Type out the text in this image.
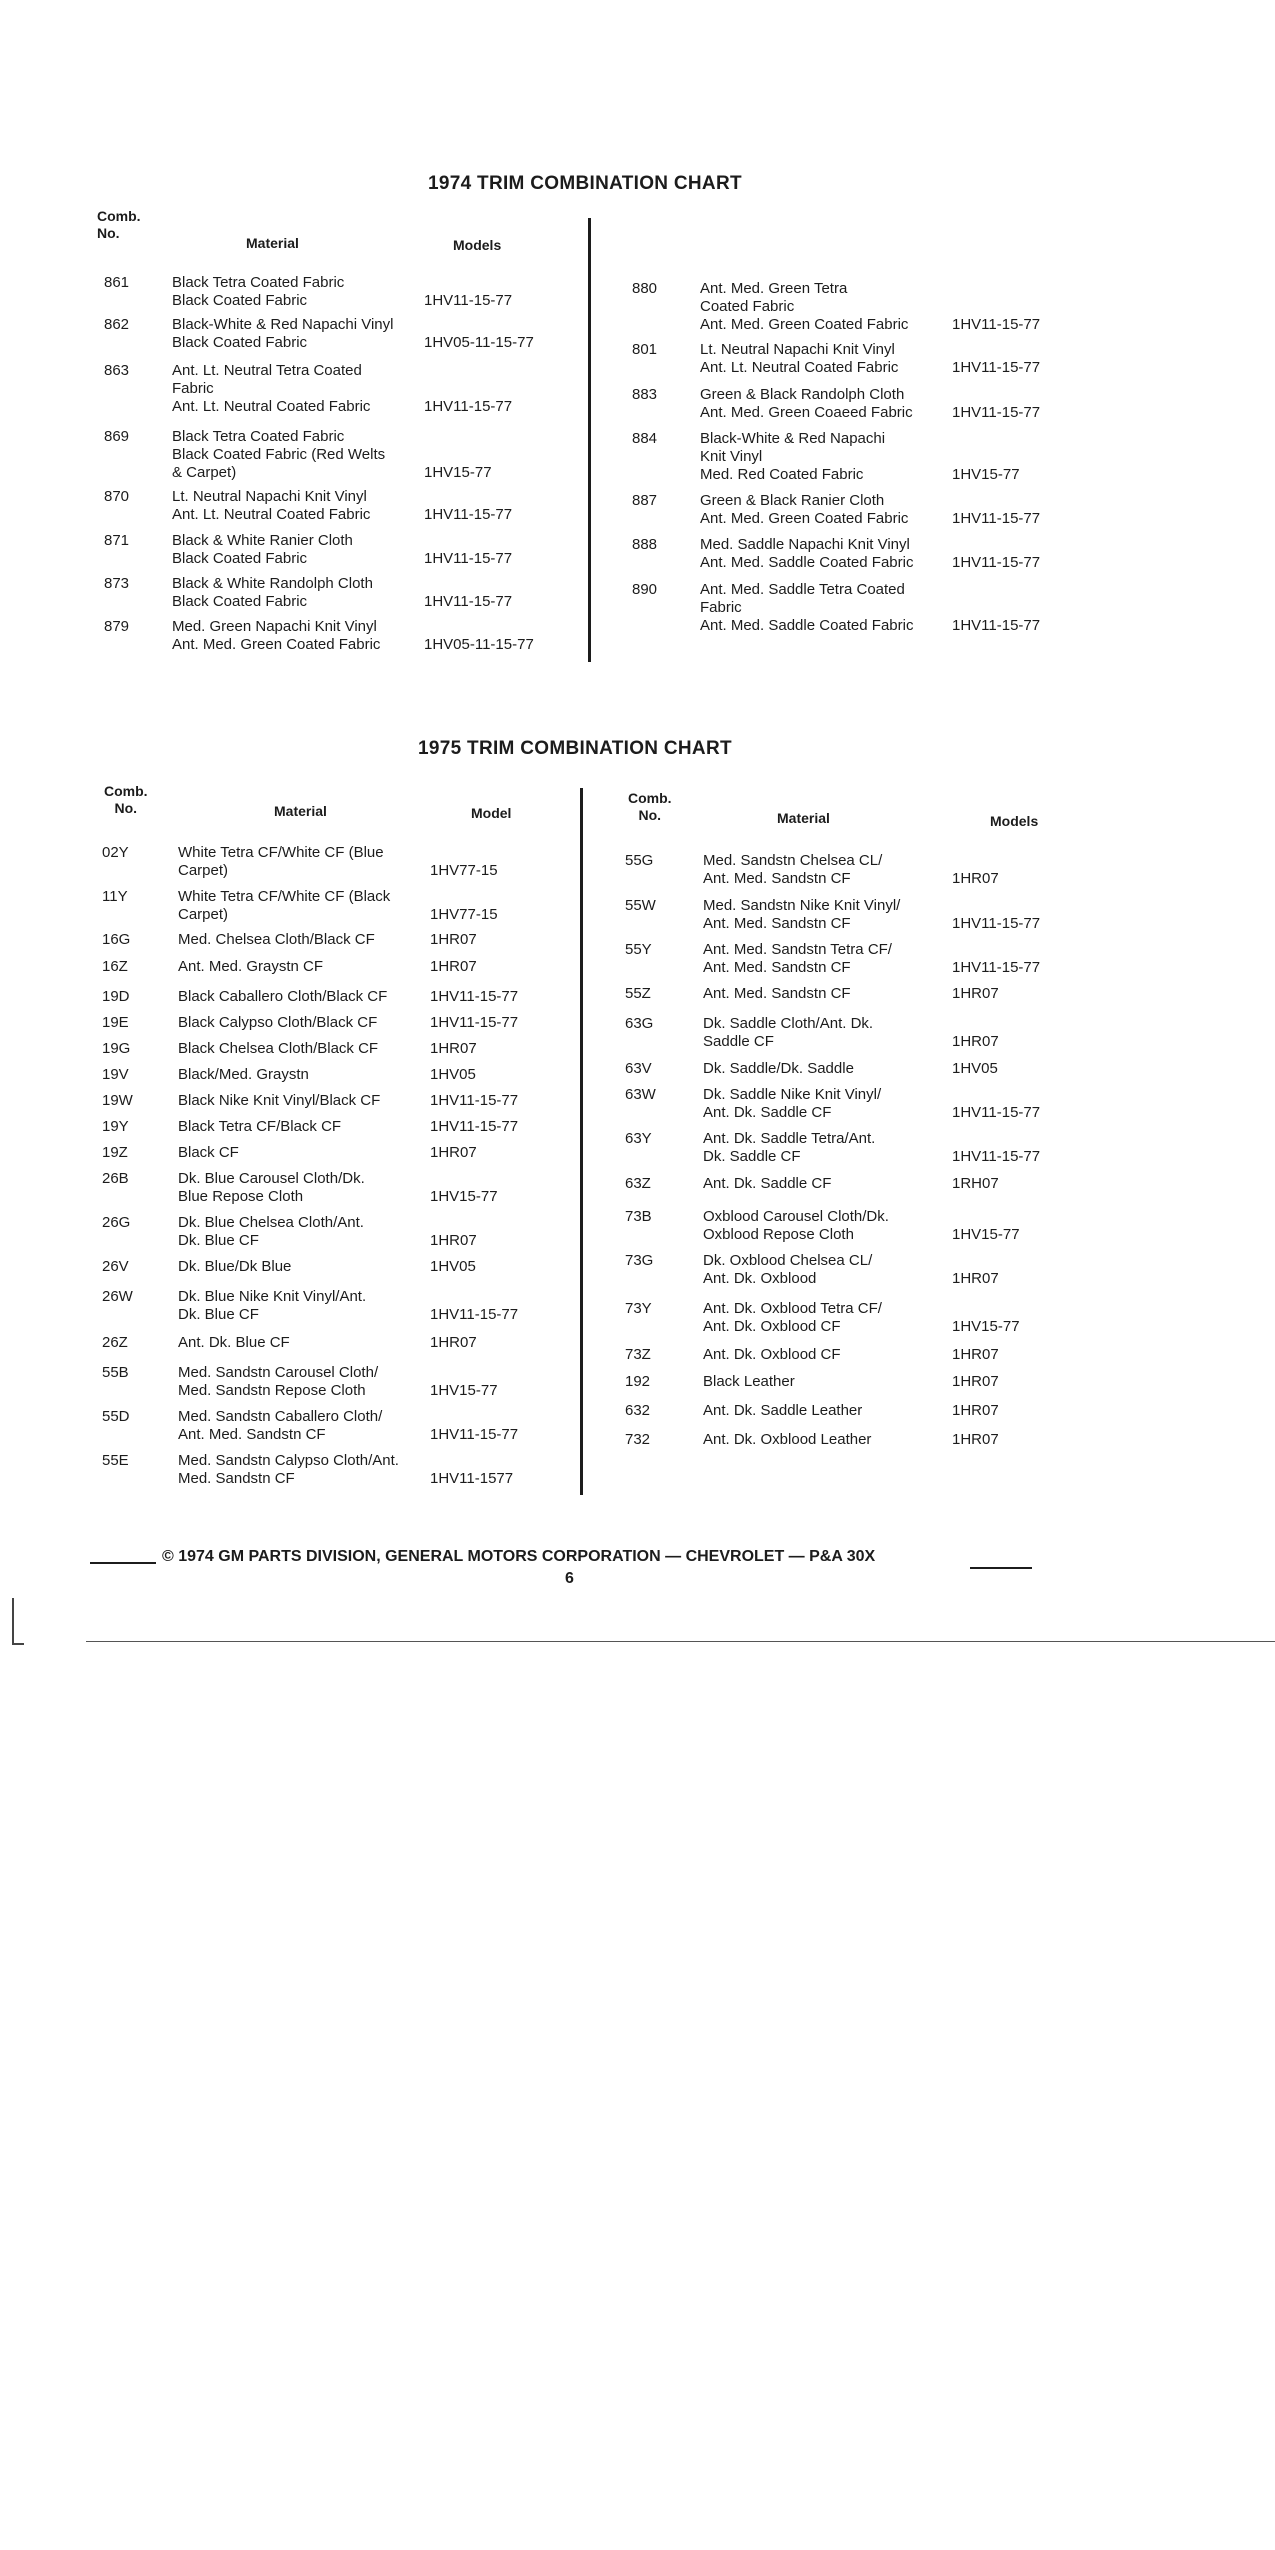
1974 TRIM COMBINATION CHART
Comb.
No.
Material	Models
861	Black Tetra Coated Fabric
Black Coated Fabric	1HV11-15-77
862	Black-White & Red Napachi Vinyl
Black Coated Fabric	1HV05-11-15-77
863	Ant. Lt. Neutral Tetra Coated
Fabric
Ant. Lt. Neutral Coated Fabric	1HV11-15-77
869	Black Tetra Coated Fabric
Black Coated Fabric (Red Welts
& Carpet)	1HV15-77
870	Lt. Neutral Napachi Knit Vinyl
Ant. Lt. Neutral Coated Fabric	1HV11-15-77
871	Black & White Ranier Cloth
Black Coated Fabric	1HV11-15-77
873	Black & White Randolph Cloth
Black Coated Fabric	1HV11-15-77
879	Med. Green Napachi Knit Vinyl
Ant. Med. Green Coated Fabric	1HV05-11-15-77
880	Ant. Med. Green Tetra
Coated Fabric
Ant. Med. Green Coated Fabric	1HV11-15-77
801	Lt. Neutral Napachi Knit Vinyl
Ant. Lt. Neutral Coated Fabric	1HV11-15-77
883	Green & Black Randolph Cloth
Ant. Med. Green Coaeed Fabric	1HV11-15-77
884	Black-White & Red Napachi
Knit Vinyl
Med. Red Coated Fabric	1HV15-77
887	Green & Black Ranier Cloth
Ant. Med. Green Coated Fabric	1HV11-15-77
888	Med. Saddle Napachi Knit Vinyl
Ant. Med. Saddle Coated Fabric	1HV11-15-77
890	Ant. Med. Saddle Tetra Coated
Fabric
Ant. Med. Saddle Coated Fabric	1HV11-15-77
1975 TRIM COMBINATION CHART
Comb.
No.	Material	Model
Comb.
No.	Material	Models
02Y	White Tetra CF/White CF (Blue
Carpet)	1HV77-15
11Y	White Tetra CF/White CF (Black
Carpet)	1HV77-15
16G	Med. Chelsea Cloth/Black CF	1HR07
16Z	Ant. Med. Graystn CF	1HR07
19D	Black Caballero Cloth/Black CF	1HV11-15-77
19E	Black Calypso Cloth/Black CF	1HV11-15-77
19G	Black Chelsea Cloth/Black CF	1HR07
19V	Black/Med. Graystn	1HV05
19W	Black Nike Knit Vinyl/Black CF	1HV11-15-77
19Y	Black Tetra CF/Black CF	1HV11-15-77
19Z	Black CF	1HR07
26B	Dk. Blue Carousel Cloth/Dk.
Blue Repose Cloth	1HV15-77
26G	Dk. Blue Chelsea Cloth/Ant.
Dk. Blue CF	1HR07
26V	Dk. Blue/Dk Blue	1HV05
26W	Dk. Blue Nike Knit Vinyl/Ant.
Dk. Blue CF	1HV11-15-77
26Z	Ant. Dk. Blue CF	1HR07
55B	Med. Sandstn Carousel Cloth/
Med. Sandstn Repose Cloth	1HV15-77
55D	Med. Sandstn Caballero Cloth/
Ant. Med. Sandstn CF	1HV11-15-77
55E	Med. Sandstn Calypso Cloth/Ant.
Med. Sandstn CF	1HV11-1577
55G	Med. Sandstn Chelsea CL/
Ant. Med. Sandstn CF	1HR07
55W	Med. Sandstn Nike Knit Vinyl/
Ant. Med. Sandstn CF	1HV11-15-77
55Y	Ant. Med. Sandstn Tetra CF/
Ant. Med. Sandstn CF	1HV11-15-77
55Z	Ant. Med. Sandstn CF	1HR07
63G	Dk. Saddle Cloth/Ant. Dk.
Saddle CF	1HR07
63V	Dk. Saddle/Dk. Saddle	1HV05
63W	Dk. Saddle Nike Knit Vinyl/
Ant. Dk. Saddle CF	1HV11-15-77
63Y	Ant. Dk. Saddle Tetra/Ant.
Dk. Saddle CF	1HV11-15-77
63Z	Ant. Dk. Saddle CF	1RH07
73B	Oxblood Carousel Cloth/Dk.
Oxblood Repose Cloth	1HV15-77
73G	Dk. Oxblood Chelsea CL/
Ant. Dk. Oxblood	1HR07
73Y	Ant. Dk. Oxblood Tetra CF/
Ant. Dk. Oxblood CF	1HV15-77
73Z	Ant. Dk. Oxblood CF	1HR07
192	Black Leather	1HR07
632	Ant. Dk. Saddle Leather	1HR07
732	Ant. Dk. Oxblood Leather	1HR07
© 1974 GM PARTS DIVISION, GENERAL MOTORS CORPORATION — CHEVROLET — P&A 30X
6
